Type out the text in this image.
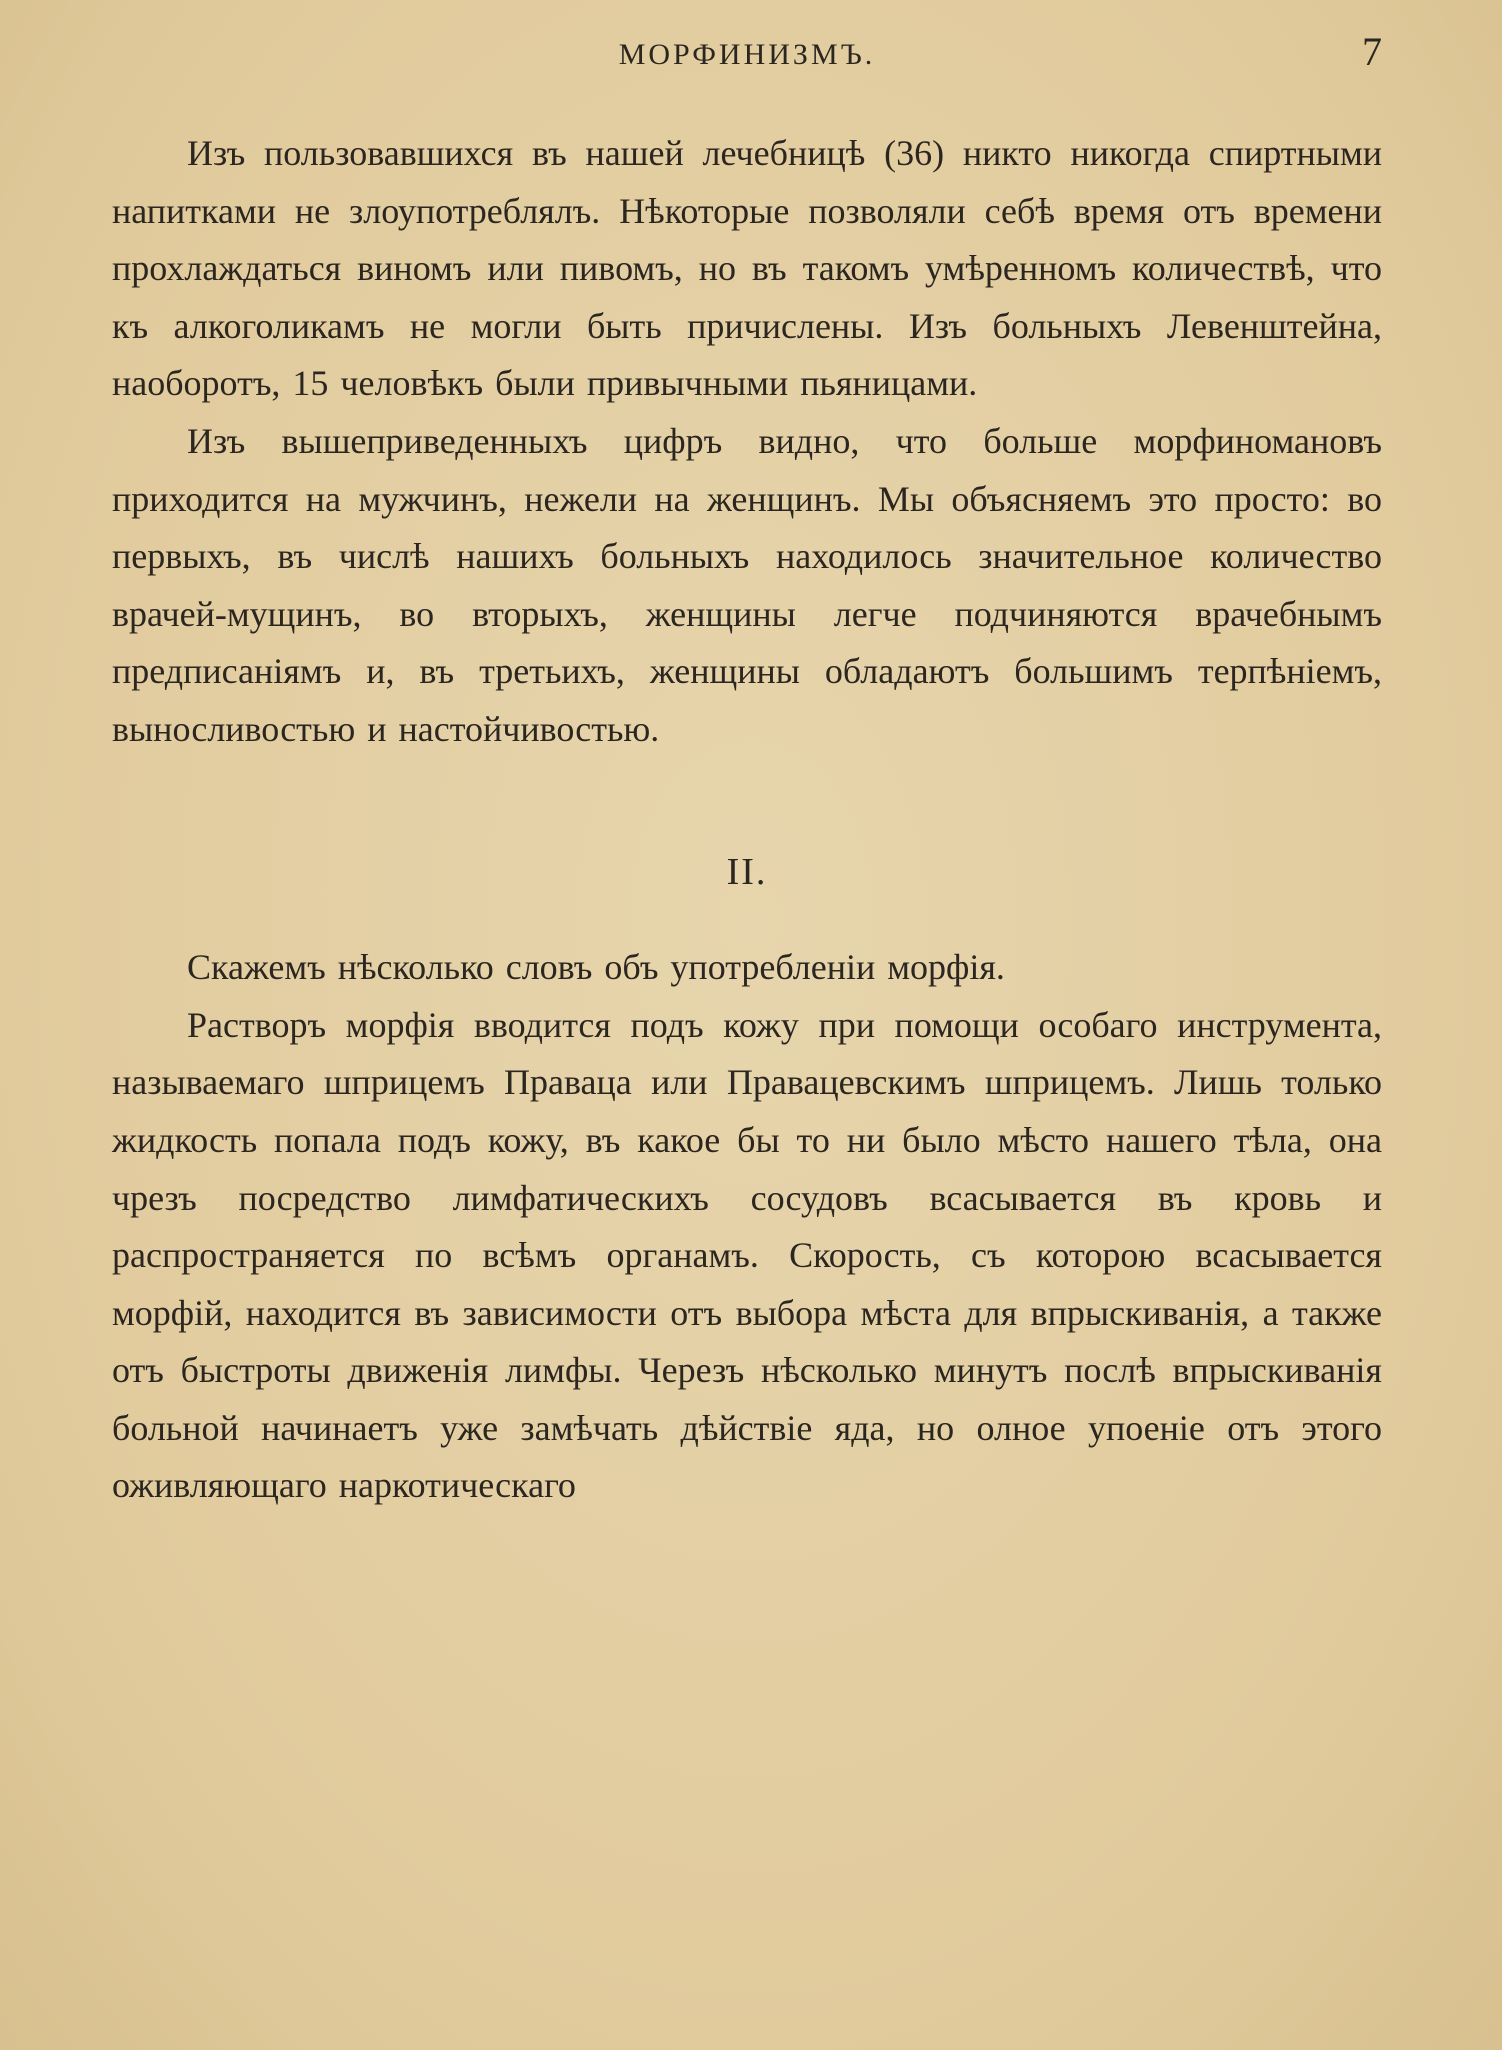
МОРФИНИЗМЪ.	7

Изъ пользовавшихся въ нашей лечебницѣ (36) никто никогда спиртными напитками не злоупотреблялъ. Нѣкоторые позволяли себѣ время отъ времени прохлаждаться виномъ или пивомъ, но въ такомъ умѣренномъ количествѣ, что къ алкоголикамъ не могли быть причислены. Изъ больныхъ Левенштейна, наоборотъ, 15 человѣкъ были привычными пьяницами.

Изъ вышеприведенныхъ цифръ видно, что больше морфиномановъ приходится на мужчинъ, нежели на женщинъ. Мы объясняемъ это просто: во первыхъ, въ числѣ нашихъ больныхъ находилось значительное количество врачей-мущинъ, во вторыхъ, женщины легче подчиняются врачебнымъ предписаніямъ и, въ третьихъ, женщины обладаютъ большимъ терпѣніемъ, выносливостью и настойчивостью.

II.

Скажемъ нѣсколько словъ объ употребленіи морфія.

Растворъ морфія вводится подъ кожу при помощи особаго инструмента, называемаго шприцемъ Праваца или Правацевскимъ шприцемъ. Лишь только жидкость попала подъ кожу, въ какое бы то ни было мѣсто нашего тѣла, она чрезъ посредство лимфатическихъ сосудовъ всасывается въ кровь и распространяется по всѣмъ органамъ. Скорость, съ которою всасывается морфій, находится въ зависимости отъ выбора мѣста для впрыскиванія, а также отъ быстроты движенія лимфы. Черезъ нѣсколько минутъ послѣ впрыскиванія больной начинаетъ уже замѣчать дѣйствіе яда, но олное упоеніе отъ этого оживляющаго наркотическаго
